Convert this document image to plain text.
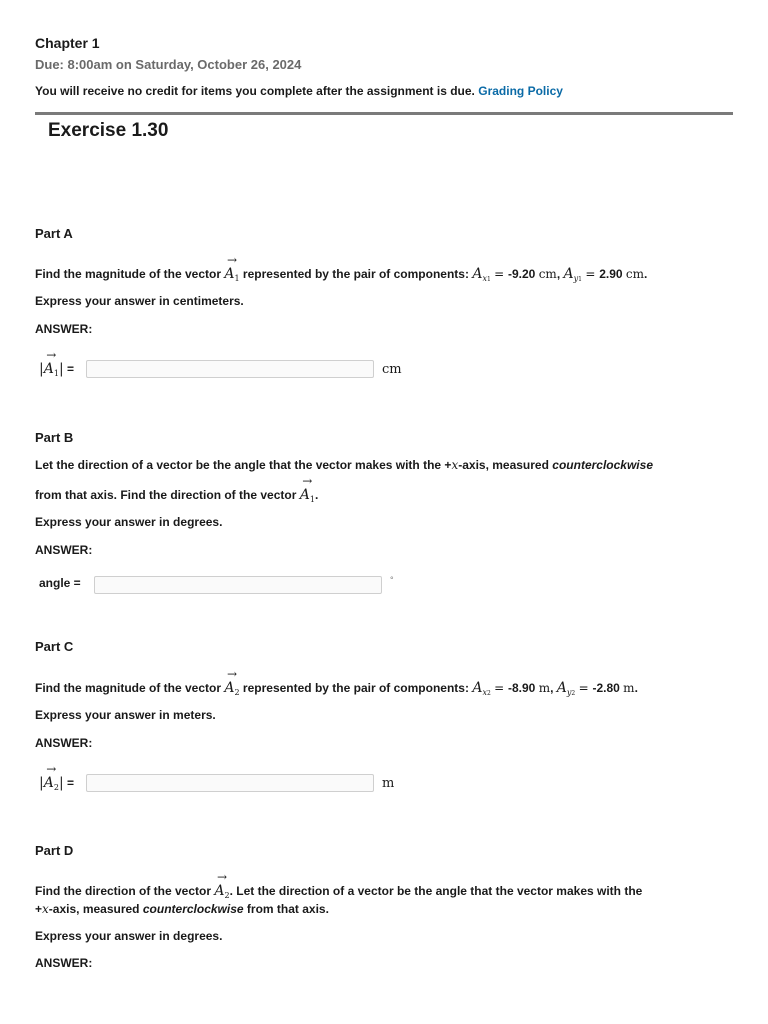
Chapter 1
Due: 8:00am on Saturday, October 26, 2024
You will receive no credit for items you complete after the assignment is due. Grading Policy
Exercise 1.30
Part A
Find the magnitude of the vector
→
$A_1$ represented by the pair of components: $A_{x1} = -9.20$ cm, $A_{y1} = 2.90$ cm.
Express your answer in centimeters.
ANSWER:
|
→
$A_1|$ =	cm
Part B
Let the direction of a vector be the angle that the vector makes with the +x-axis, measured counterclockwise
from that axis. Find the direction of the vector
→
$A_1$.
Express your answer in degrees.
ANSWER:
angle =	°
Part C
Find the magnitude of the vector
→
$A_2$ represented by the pair of components: $A_{x2} = -8.90$ m, $A_{y2} = -2.80$ m.
Express your answer in meters.
ANSWER:
|
→
$A_2|$ =	m
Part D
Find the direction of the vector
→
$A_2$. Let the direction of a vector be the angle that the vector makes with the
+x-axis, measured counterclockwise from that axis.
Express your answer in degrees.
ANSWER:
